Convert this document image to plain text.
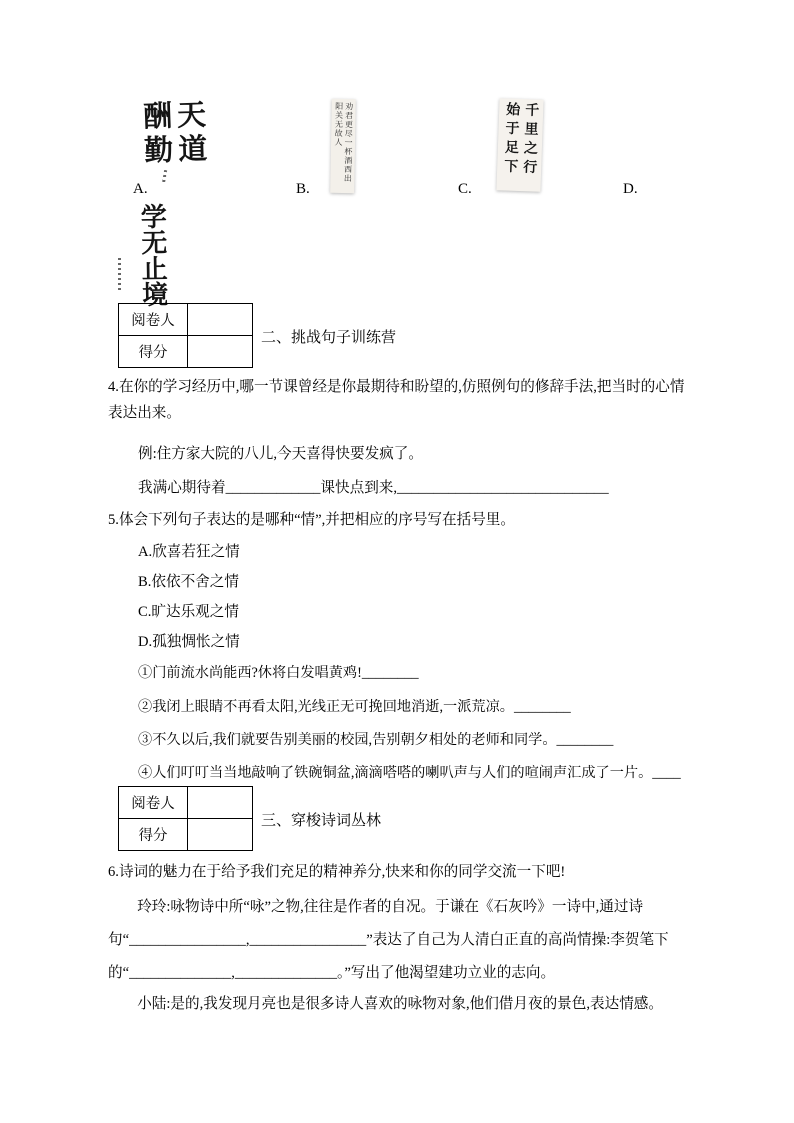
天道酬勤	劝君更尽一杯酒西出阳关无故人	千里之行始于足下
A.	B.	C.	D.
学无止境
阅卷人	
得分	
二、挑战句子训练营
4.在你的学习经历中,哪一节课曾经是你最期待和盼望的,仿照例句的修辞手法,把当时的心情表达出来。
例:住方家大院的八儿,今天喜得快要发疯了。
我满心期待着_____________课快点到来,_____________________________
5.体会下列句子表达的是哪种“情”,并把相应的序号写在括号里。
A.欣喜若狂之情
B.依依不舍之情
C.旷达乐观之情
D.孤独惆怅之情
①门前流水尚能西?休将白发唱黄鸡!________
②我闭上眼睛不再看太阳,光线正无可挽回地消逝,一派荒凉。________
③不久以后,我们就要告别美丽的校园,告别朝夕相处的老师和同学。________
④人们叮叮当当地敲响了铁碗铜盆,滴滴嗒嗒的喇叭声与人们的喧闹声汇成了一片。____
阅卷人	
得分	
三、穿梭诗词丛林
6.诗词的魅力在于给予我们充足的精神养分,快来和你的同学交流一下吧!
玲玲:咏物诗中所“咏”之物,往往是作者的自况。于谦在《石灰吟》一诗中,通过诗句“________________,________________”表达了自己为人清白正直的高尚情操:李贺笔下的“______________,______________。”写出了他渴望建功立业的志向。
小陆:是的,我发现月亮也是很多诗人喜欢的咏物对象,他们借月夜的景色,表达情感。
